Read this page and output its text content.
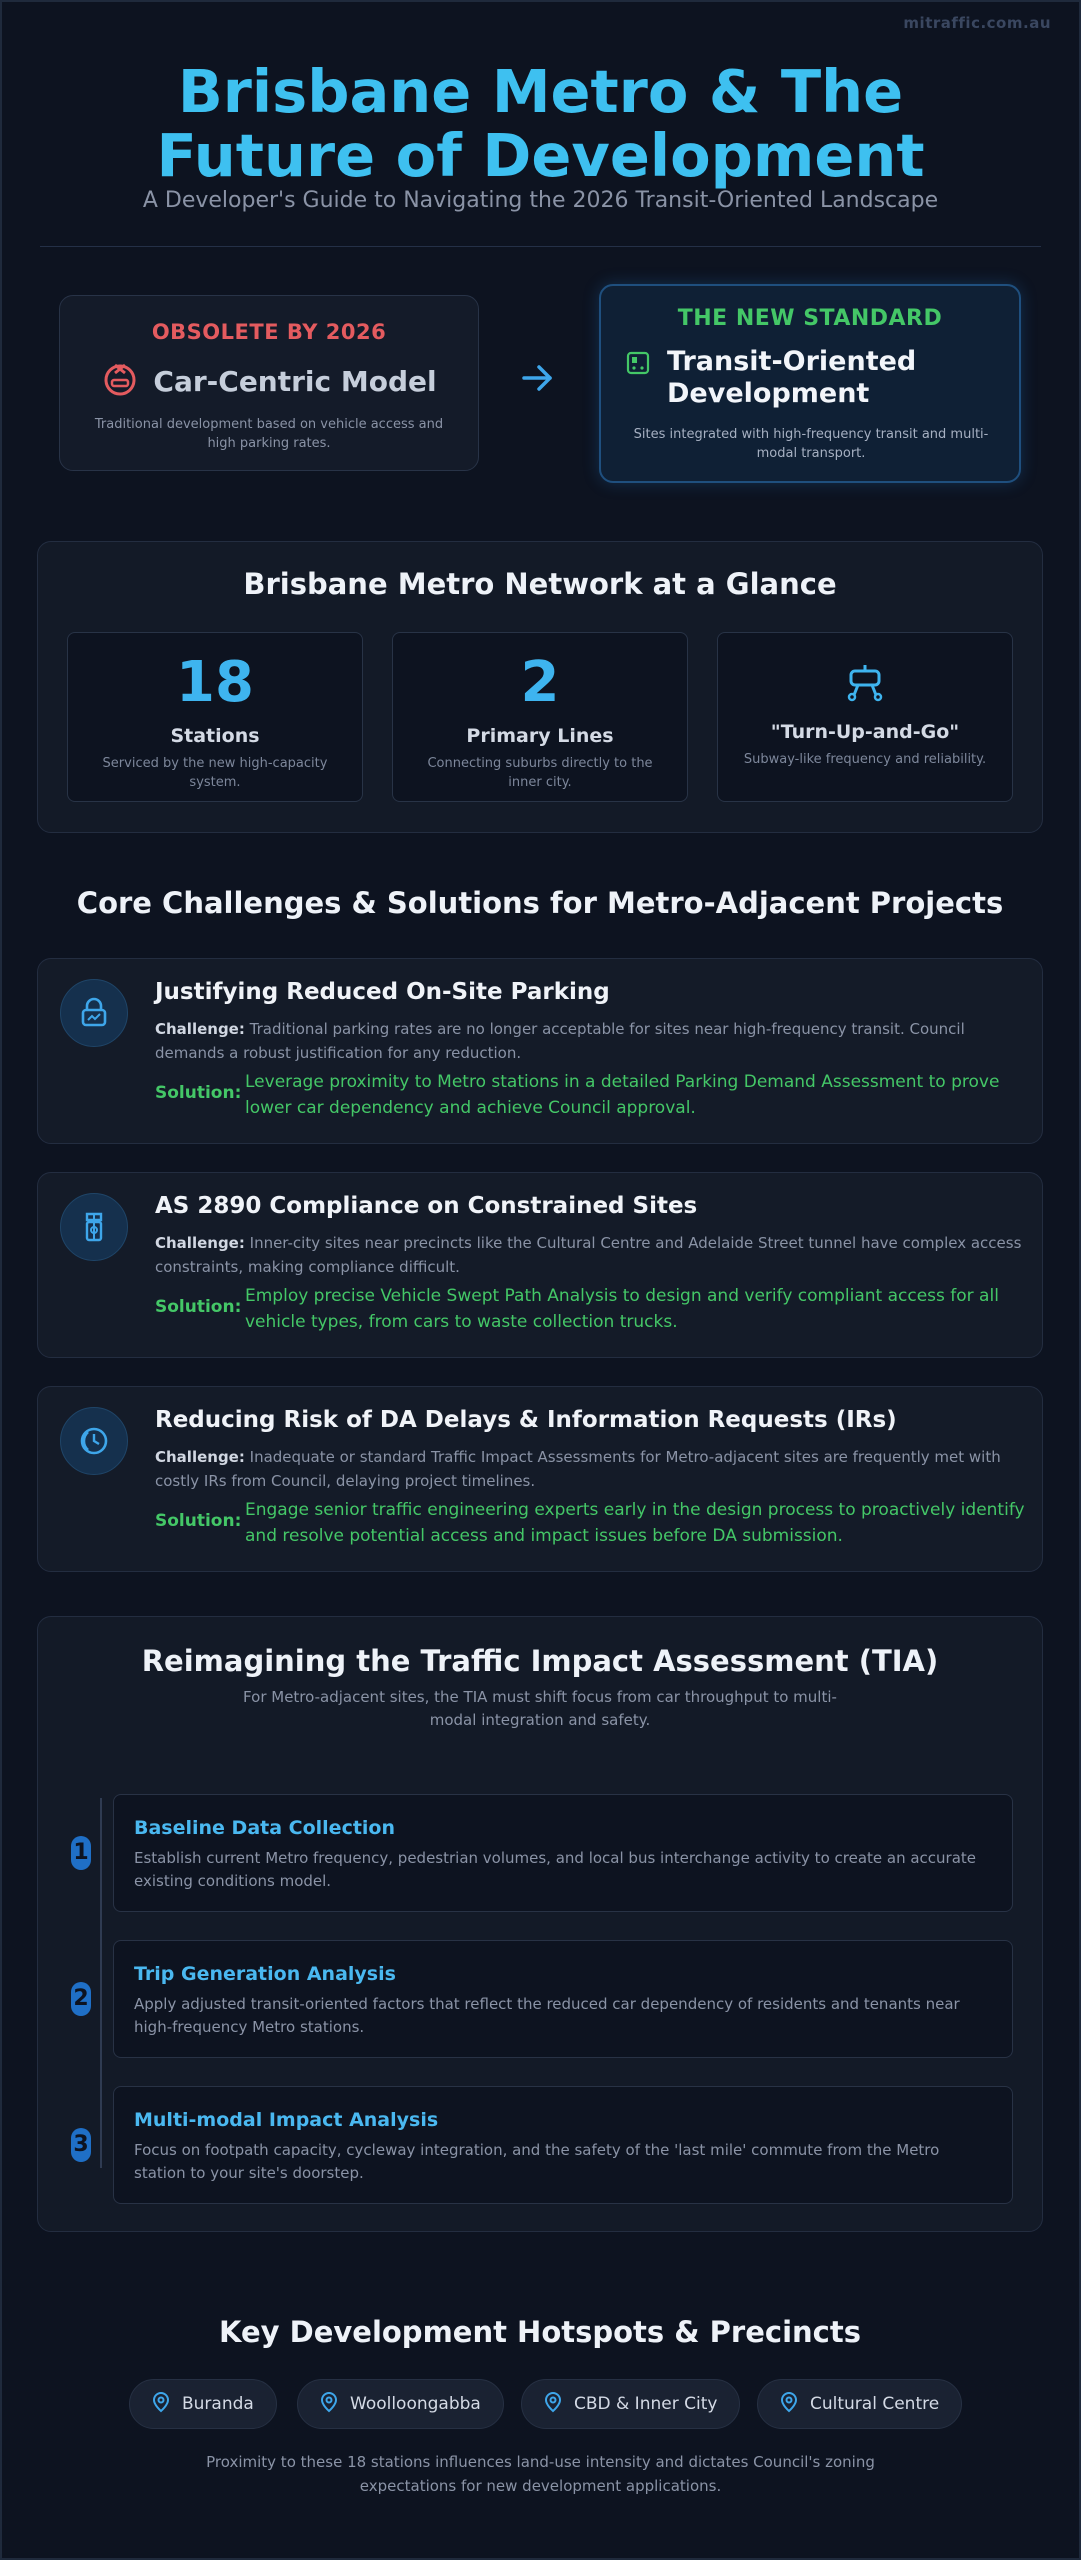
mitraffic.com.au
Brisbane Metro & The Future of Development
A Developer's Guide to Navigating the 2026 Transit-Oriented Landscape
OBSOLETE BY 2026
Car-Centric Model
Traditional development based on vehicle access and high parking rates.
THE NEW STANDARD
Transit-Oriented Development
Sites integrated with high-frequency transit and multi-modal transport.
Brisbane Metro Network at a Glance
18
Stations
Serviced by the new high-capacity system.
2
Primary Lines
Connecting suburbs directly to the inner city.
"Turn-Up-and-Go"
Subway-like frequency and reliability.
Core Challenges & Solutions for Metro-Adjacent Projects
Justifying Reduced On-Site Parking
Challenge: Traditional parking rates are no longer acceptable for sites near high-frequency transit. Council demands a robust justification for any reduction.
Solution:
Leverage proximity to Metro stations in a detailed Parking Demand Assessment to prove lower car dependency and achieve Council approval.
AS 2890 Compliance on Constrained Sites
Challenge: Inner-city sites near precincts like the Cultural Centre and Adelaide Street tunnel have complex access constraints, making compliance difficult.
Solution:
Employ precise Vehicle Swept Path Analysis to design and verify compliant access for all vehicle types, from cars to waste collection trucks.
Reducing Risk of DA Delays & Information Requests (IRs)
Challenge: Inadequate or standard Traffic Impact Assessments for Metro-adjacent sites are frequently met with costly IRs from Council, delaying project timelines.
Solution:
Engage senior traffic engineering experts early in the design process to proactively identify and resolve potential access and impact issues before DA submission.
Reimagining the Traffic Impact Assessment (TIA)
For Metro-adjacent sites, the TIA must shift focus from car throughput to multi-modal integration and safety.
1
Baseline Data Collection
Establish current Metro frequency, pedestrian volumes, and local bus interchange activity to create an accurate existing conditions model.
2
Trip Generation Analysis
Apply adjusted transit-oriented factors that reflect the reduced car dependency of residents and tenants near high-frequency Metro stations.
3
Multi-modal Impact Analysis
Focus on footpath capacity, cycleway integration, and the safety of the 'last mile' commute from the Metro station to your site's doorstep.
Key Development Hotspots & Precincts
Buranda	Woolloongabba	CBD & Inner City	Cultural Centre
Proximity to these 18 stations influences land-use intensity and dictates Council's zoning expectations for new development applications.
